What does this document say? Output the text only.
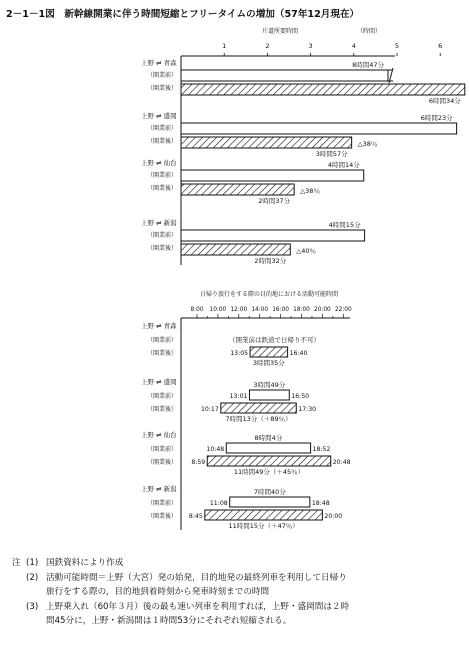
2－1－1図　新幹線開業に伴う時間短縮とフリータイムの増加（57年12月現在）
片道所要時間	（時間）
1	2	3	4	5	6
上野 ⇌ 青森
（開業前）
（開業後）
8時間47分
6時間34分
上野 ⇌ 盛岡
（開業前）
（開業後）
6時間23分
3時間57分
△38％
上野 ⇌ 仙台
（開業前）
（開業後）
4時間14分
2時間37分
△38％
上野 ⇌ 新潟
（開業前）
（開業後）
4時間15分
2時間32分
△40％
日帰り旅行をする際の目的地における活動可能時間
8:00 10:00 12:00 14:00 16:00 18:00 20:00 22:00
上野 ⇌ 青森
（開業前）
（開業後）
（開業前は鉄道で日帰り不可）
13:05	16:40
3時間35分
上野 ⇌ 盛岡
（開業前）
（開業後）
3時間49分
13:01	16:50
10:17	17:30
7時間13分（＋89％）
上野 ⇌ 仙台
（開業前）
（開業後）
8時間4分
10:48	18:52
8:59	20:48
11時間49分（＋45％）
上野 ⇌ 新潟
（開業前）
（開業後）
7時間40分
11:08	18:48
8:45	20:00
11時間15分（＋47％）
注 (1) 国鉄資料により作成
(2) 活動可能時間＝上野（大宮）発の始発，目的地発の最終列車を利用して日帰り
旅行をする際の，目的地到着時刻から発車時刻までの時間
(3) 上野乗入れ（60年３月）後の最も速い列車を利用すれば，上野・盛岡間は２時
間45分に，上野・新潟間は１時間53分にそれぞれ短縮される。
